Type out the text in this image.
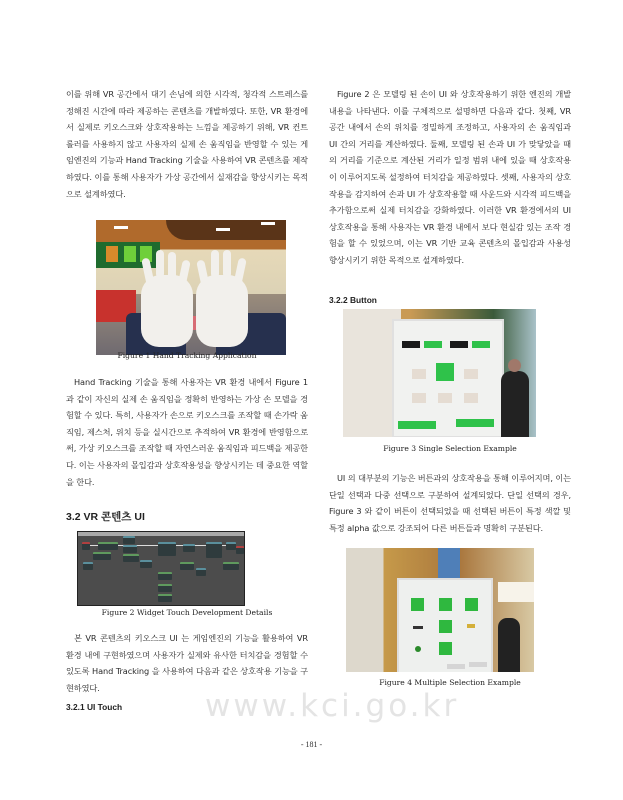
이를 위해 VR 공간에서 대기 손님에 의한 시각적, 청각적 스트레스를 정해진 시간에 따라 제공하는 콘텐츠를 개발하였다. 또한, VR 환경에서 실제로 키오스크와 상호작용하는 느낌을 제공하기 위해, VR 컨트롤러를 사용하지 않고 사용자의 실제 손 움직임을 반영할 수 있는 게임엔진의 기능과 Hand Tracking 기술을 사용하여 VR 콘텐츠를 제작하였다. 이를 통해 사용자가 가상 공간에서 실재감을 향상시키는 목적으로 설계하였다.

Figure 1 Hand Tracking Application

Hand Tracking 기술을 통해 사용자는 VR 환경 내에서 Figure 1 과 같이 자신의 실제 손 움직임을 정확히 반영하는 가상 손 모델을 경험할 수 있다. 특히, 사용자가 손으로 키오스크를 조작할 때 손가락 움직임, 제스처, 위치 등을 실시간으로 추적하여 VR 환경에 반영함으로써, 가상 키오스크를 조작할 때 자연스러운 움직임과 피드백을 제공한다. 이는 사용자의 몰입감과 상호작용성을 향상시키는 데 중요한 역할을 한다.

3.2 VR 콘텐츠 UI

Figure 2 Widget Touch Development Details

본 VR 콘텐츠의 키오스크 UI 는 게임엔진의 기능을 활용하여 VR 환경 내에 구현하였으며 사용자가 실제와 유사한 터치감을 경험할 수 있도록 Hand Tracking 을 사용하여 다음과 같은 상호작용 기능을 구현하였다.

3.2.1 UI Touch

Figure 2 은 모델링 된 손이 UI 와 상호작용하기 위한 엔진의 개발 내용을 나타낸다. 이를 구체적으로 설명하면 다음과 같다. 첫째, VR 공간 내에서 손의 위치를 정밀하게 조정하고, 사용자의 손 움직임과 UI 간의 거리를 계산하였다. 둘째, 모델링 된 손과 UI 가 맞닿았을 때의 거리를 기준으로 계산된 거리가 일정 범위 내에 있을 때 상호작용이 이루어지도록 설정하여 터치감을 제공하였다. 셋째, 사용자의 상호작용을 감지하여 손과 UI 가 상호작용할 때 사운드와 시각적 피드백을 추가함으로써 실제 터치감을 강화하였다. 이러한 VR 환경에서의 UI 상호작용을 통해 사용자는 VR 환경 내에서 보다 현실감 있는 조작 경험을 할 수 있었으며, 이는 VR 기반 교육 콘텐츠의 몰입감과 사용성 향상시키기 위한 목적으로 설계하였다.

3.2.2 Button

Figure 3 Single Selection Example

UI 의 대부분의 기능은 버튼과의 상호작용을 통해 이루어지며, 이는 단일 선택과 다중 선택으로 구분하여 설계되었다. 단일 선택의 경우, Figure 3 와 같이 버튼이 선택되었을 때 선택된 버튼이 특정 색깔 및 특정 alpha 값으로 강조되어 다른 버튼들과 명확히 구분된다.

Figure 4 Multiple Selection Example

www.kci.go.kr
- 181 -
